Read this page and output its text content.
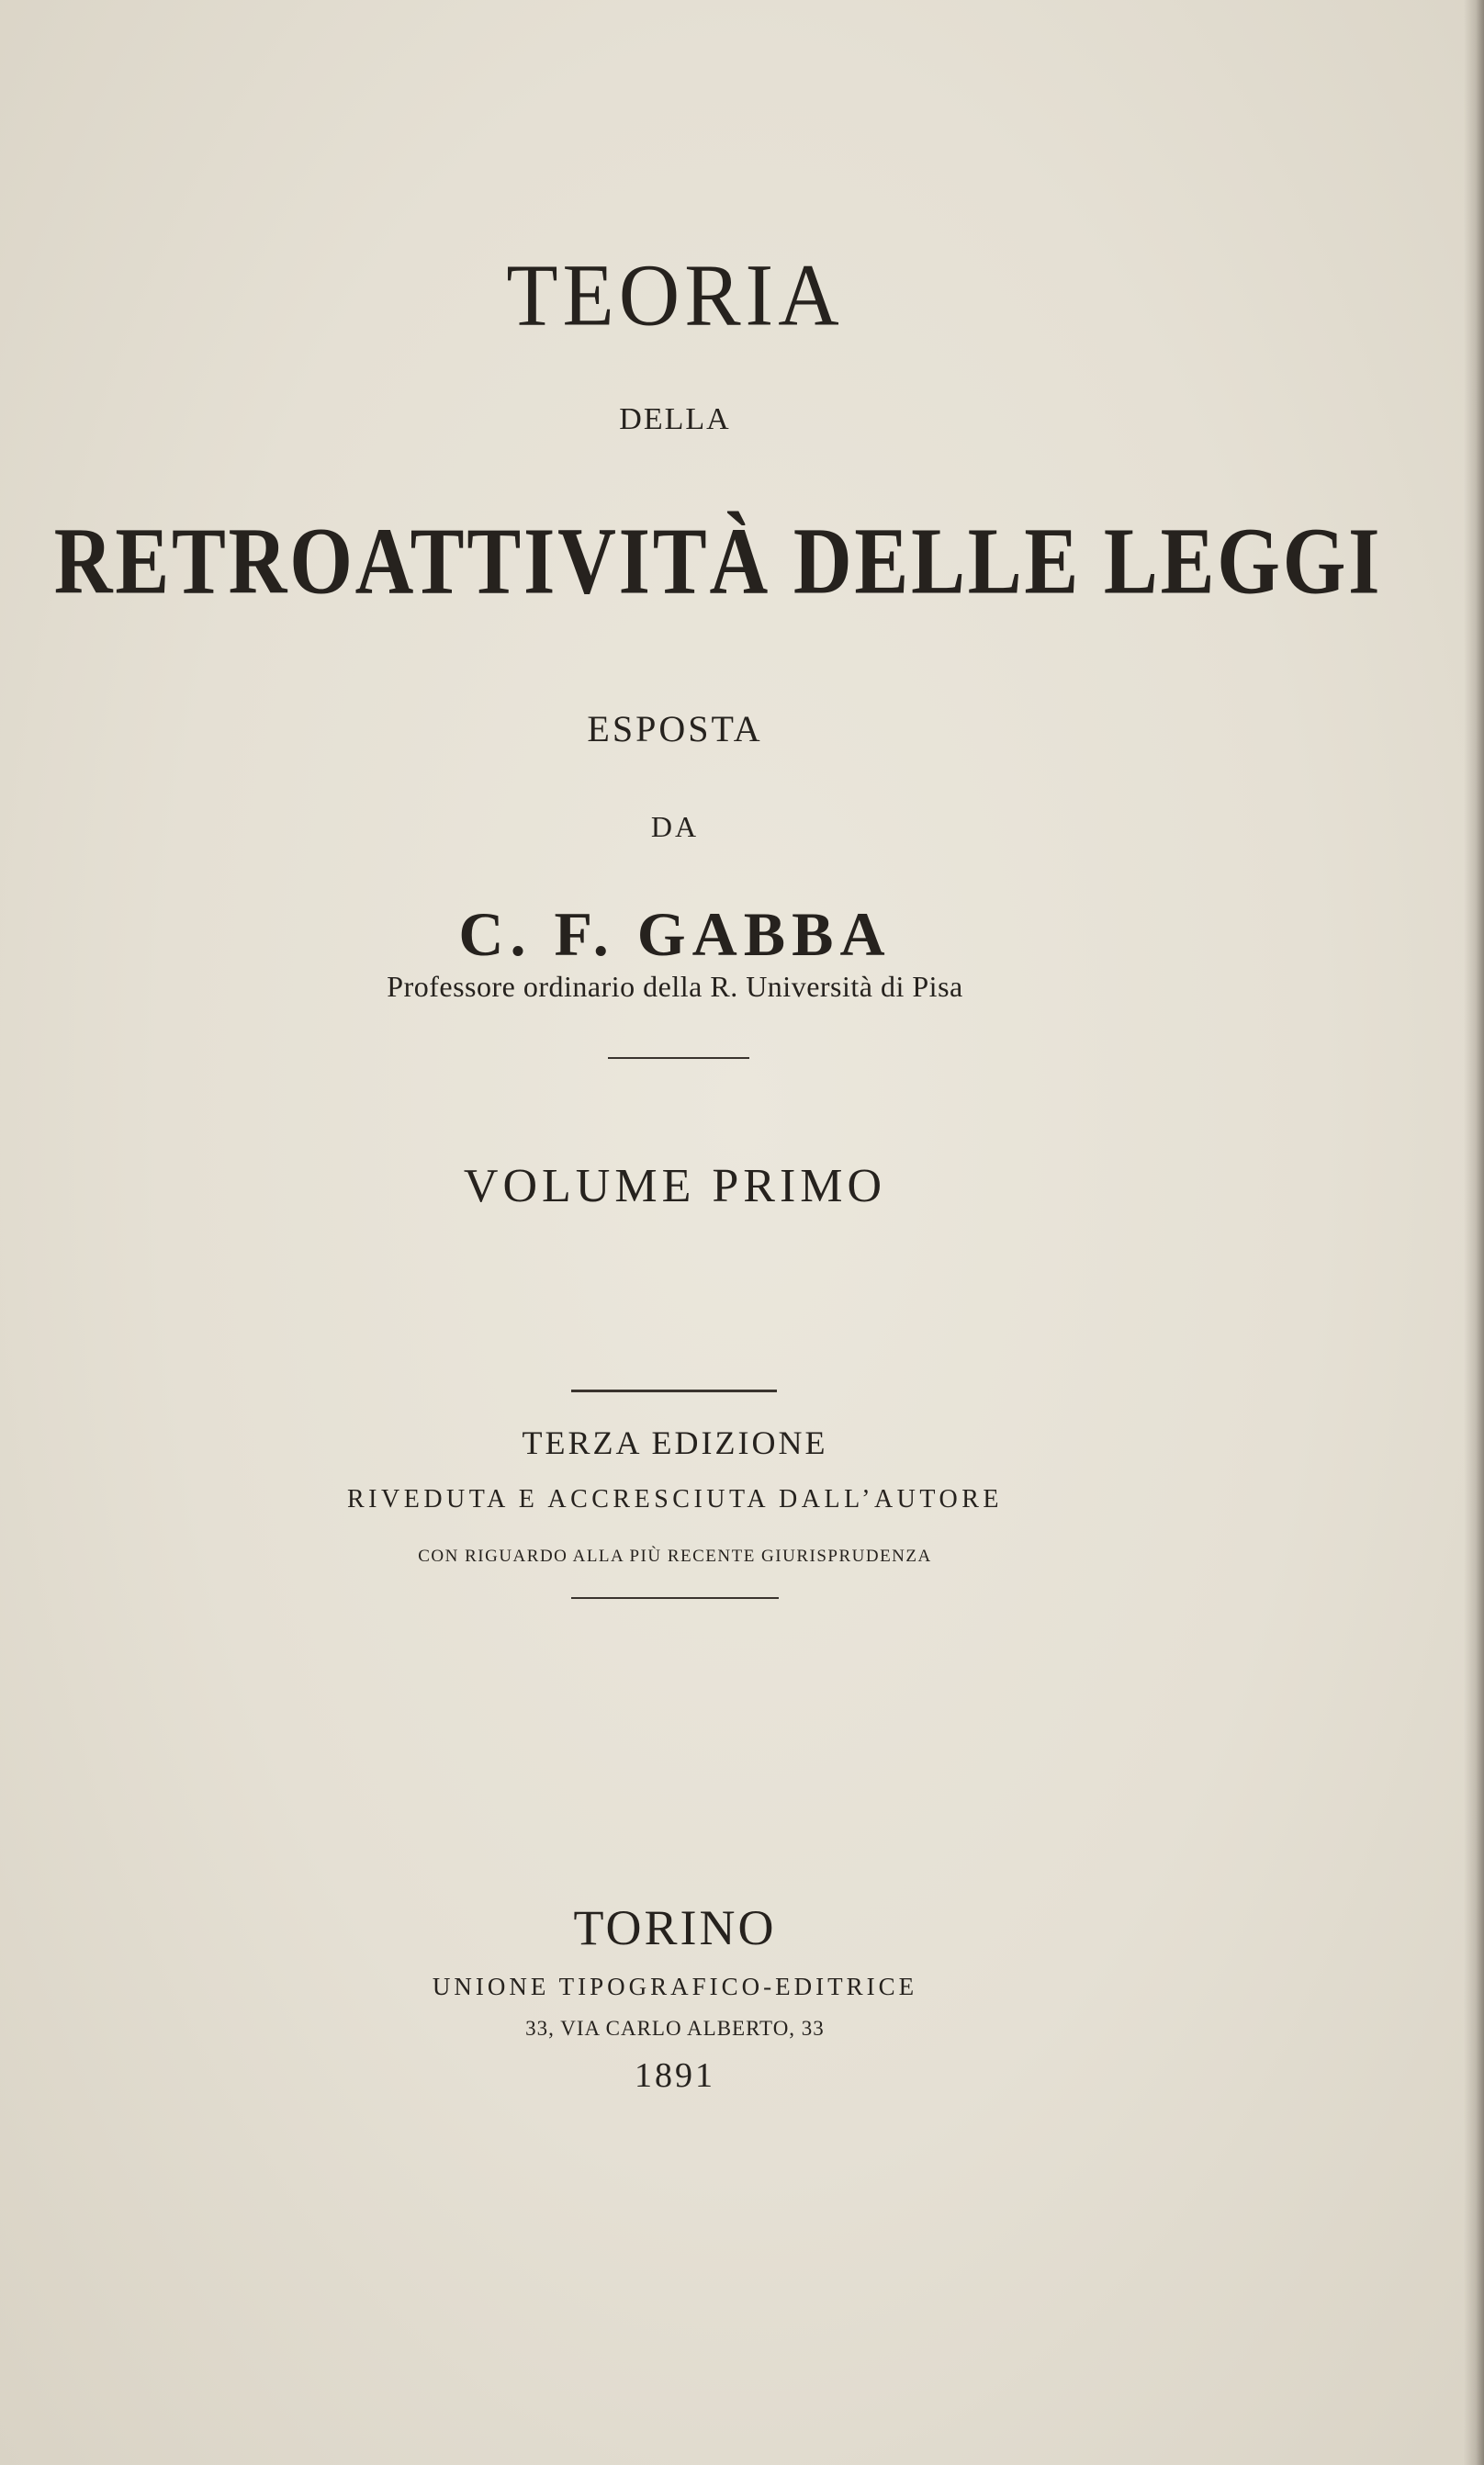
TEORIA
DELLA
RETROATTIVITÀ DELLE LEGGI
ESPOSTA
DA
C. F. GABBA
Professore ordinario della R. Università di Pisa
VOLUME PRIMO
TERZA EDIZIONE
RIVEDUTA E ACCRESCIUTA DALL’AUTORE
CON RIGUARDO ALLA PIÙ RECENTE GIURISPRUDENZA
TORINO
UNIONE TIPOGRAFICO-EDITRICE
33, VIA CARLO ALBERTO, 33
1891
